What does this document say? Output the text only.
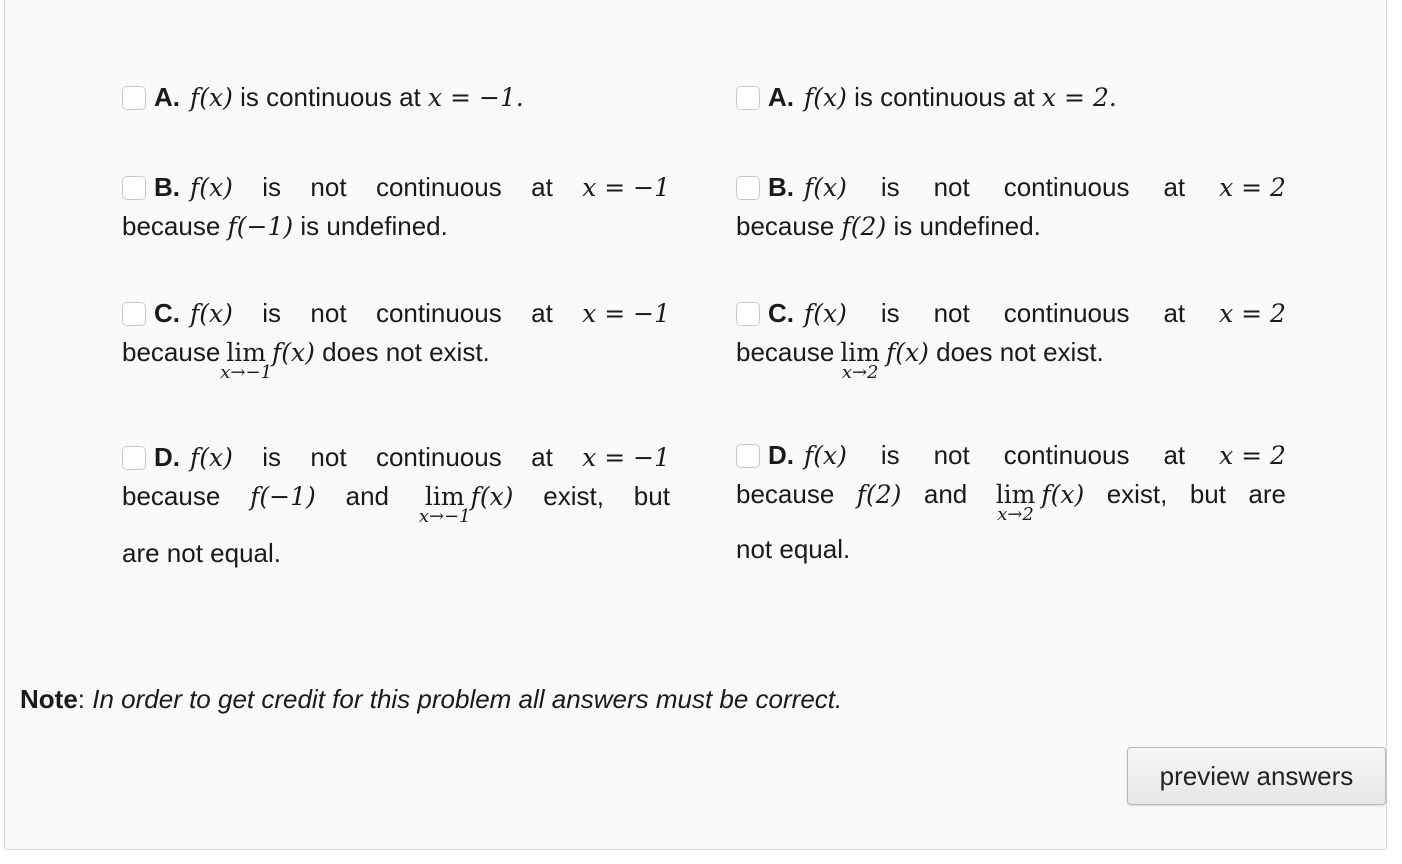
A. f(x)
is continuous at
x = −1.
B. f(x) is not continuous at x = −1
because
f(−1)
is undefined.
C. f(x) is not continuous at x = −1
because lim
x→−1
f(x)
does not exist.
D. f(x) is not continuous at x = −1
because f(−1) and lim
x→−1
f(x) exist, but
are not equal.
A. f(x)
is continuous at
x = 2.
B. f(x) is not continuous at x = 2
because
f(2)
is undefined.
C. f(x) is not continuous at x = 2
because lim
x→2
f(x)
does not exist.
D. f(x) is not continuous at x = 2
because f(2) and lim
x→2
f(x) exist, but are
not equal.
Note: In order to get credit for this problem all answers must be correct.
preview answers
